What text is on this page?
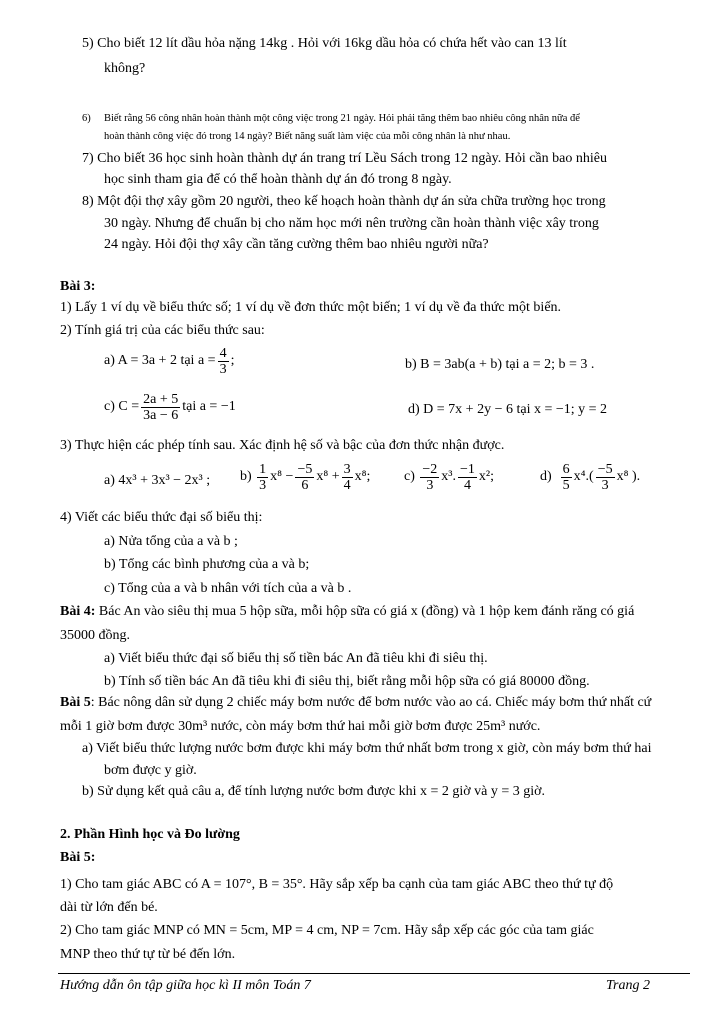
5) Cho biết 12 lít dầu hỏa nặng 14kg . Hỏi với 16kg dầu hỏa có chứa hết vào can 13 lít
không?
6) Biết rằng 56 công nhân hoàn thành một công việc trong 21 ngày. Hỏi phải tăng thêm bao nhiêu công nhân nữa để
hoàn thành công việc đó trong 14 ngày? Biết năng suất làm việc của mỗi công nhân là như nhau.
7) Cho biết 36 học sinh hoàn thành dự án trang trí Lều Sách trong 12 ngày. Hỏi cần bao nhiêu
học sinh tham gia để có thể hoàn thành dự án đó trong 8 ngày.
8) Một đội thợ xây gồm 20 người, theo kế hoạch hoàn thành dự án sửa chữa trường học trong
30 ngày. Nhưng để chuẩn bị cho năm học mới nên trường cần hoàn thành việc xây trong
24 ngày. Hỏi đội thợ xây cần tăng cường thêm bao nhiêu người nữa?
Bài 3:
1) Lấy 1 ví dụ về biểu thức số; 1 ví dụ về đơn thức một biến; 1 ví dụ về đa thức một biến.
2) Tính giá trị của các biểu thức sau:
a) A = 3a + 2 tại $a = \frac{4}{3}$ ;	b) B = 3ab(a + b) tại a = 2; b = 3 .
c) $C = \frac{2a + 5}{3a - 6}$ tại a = −1	d) D = 7x + 2y − 6 tại x = −1; y = 2
3) Thực hiện các phép tính sau. Xác định hệ số và bậc của đơn thức nhận được.
a) 4x³ + 3x³ − 2x³ ; b)
$\frac{1}{3} x^8 - \frac{-5}{6} x^8 + \frac{3}{4} x^8$; c)
$\frac{-2}{3} x^3$. $\frac{-1}{4} x^2$;	d)
$\frac{6}{5} x^4.( \frac{-5}{3} x^8$ ).
4) Viết các biểu thức đại số biểu thị:
a) Nửa tổng của a và b ;
b) Tổng các bình phương của a và b;
c) Tổng của a và b nhân với tích của a và b .
Bài 4: Bác An vào siêu thị mua 5 hộp sữa, mỗi hộp sữa có giá x (đồng) và 1 hộp kem đánh răng có giá
35000 đồng.
a) Viết biểu thức đại số biểu thị số tiền bác An đã tiêu khi đi siêu thị.
b) Tính số tiền bác An đã tiêu khi đi siêu thị, biết rằng mỗi hộp sữa có giá 80000 đồng.
Bài 5: Bác nông dân sử dụng 2 chiếc máy bơm nước để bơm nước vào ao cá. Chiếc máy bơm thứ nhất cứ
mỗi 1 giờ bơm được 30m³ nước, còn máy bơm thứ hai mỗi giờ bơm được 25m³ nước.
a) Viết biểu thức lượng nước bơm được khi máy bơm thứ nhất bơm trong x giờ, còn máy bơm thứ hai
bơm được y giờ.
b) Sử dụng kết quả câu a, để tính lượng nước bơm được khi x = 2 giờ và y = 3 giờ.
2. Phần Hình học và Đo lường
Bài 5:
1) Cho tam giác ABC có A = 107°, B = 35°. Hãy sắp xếp ba cạnh của tam giác ABC theo thứ tự độ
dài từ lớn đến bé.
2) Cho tam giác MNP có MN = 5cm, MP = 4 cm, NP = 7cm. Hãy sắp xếp các góc của tam giác
MNP theo thứ tự từ bé đến lớn.
Hướng dẫn ôn tập giữa học kì II môn Toán 7	Trang 2
